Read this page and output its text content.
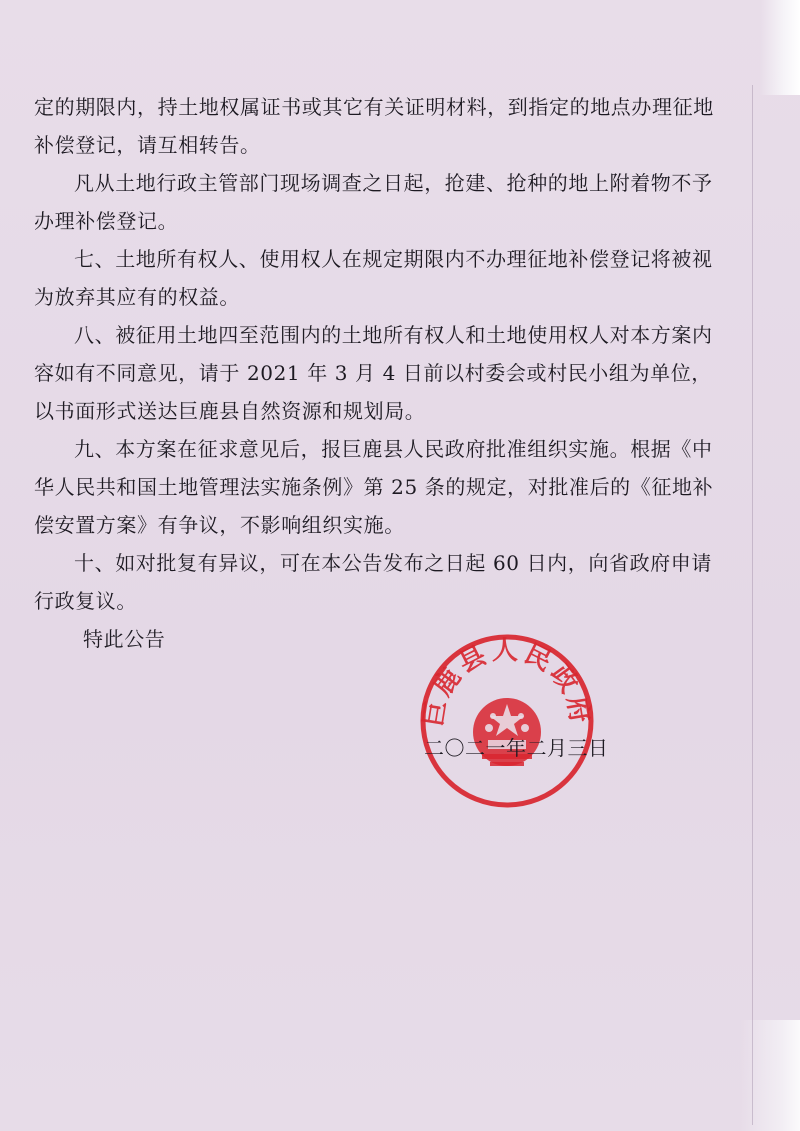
定的期限内，持土地权属证书或其它有关证明材料，到指定的地点办理征地补偿登记，请互相转告。

凡从土地行政主管部门现场调查之日起，抢建、抢种的地上附着物不予办理补偿登记。

七、土地所有权人、使用权人在规定期限内不办理征地补偿登记将被视为放弃其应有的权益。

八、被征用土地四至范围内的土地所有权人和土地使用权人对本方案内容如有不同意见，请于 2021 年 3 月 4 日前以村委会或村民小组为单位，以书面形式送达巨鹿县自然资源和规划局。

九、本方案在征求意见后，报巨鹿县人民政府批准组织实施。根据《中华人民共和国土地管理法实施条例》第 25 条的规定，对批准后的《征地补偿安置方案》有争议，不影响组织实施。

十、如对批复有异议，可在本公告发布之日起 60 日内，向省政府申请行政复议。

特此公告

巨鹿县人民政府
二〇二一年二月三日
